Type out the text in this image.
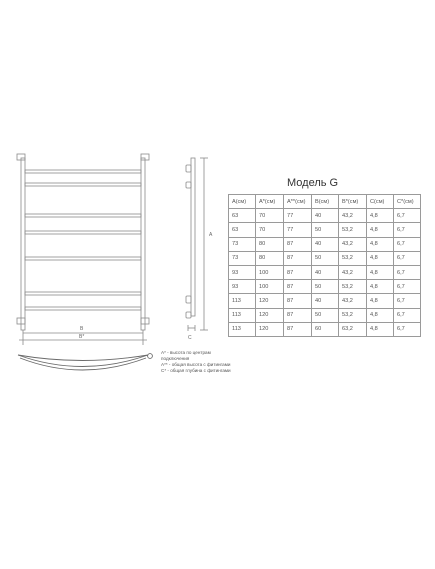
B
B*
A
C
Модель G
A(см)	A*(см)	A**(см)	B(см)	B*(см)	C(см)	C*(см)
63	70	77	40	43,2	4,8	6,7
63	70	77	50	53,2	4,8	6,7
73	80	87	40	43,2	4,8	6,7
73	80	87	50	53,2	4,8	6,7
93	100	87	40	43,2	4,8	6,7
93	100	87	50	53,2	4,8	6,7
113	120	87	40	43,2	4,8	6,7
113	120	87	50	53,2	4,8	6,7
113	120	87	60	63,2	4,8	6,7

A* - высота по центрам подключения

A** - общая высота с фитингами

C* - общая глубина с фитингами
